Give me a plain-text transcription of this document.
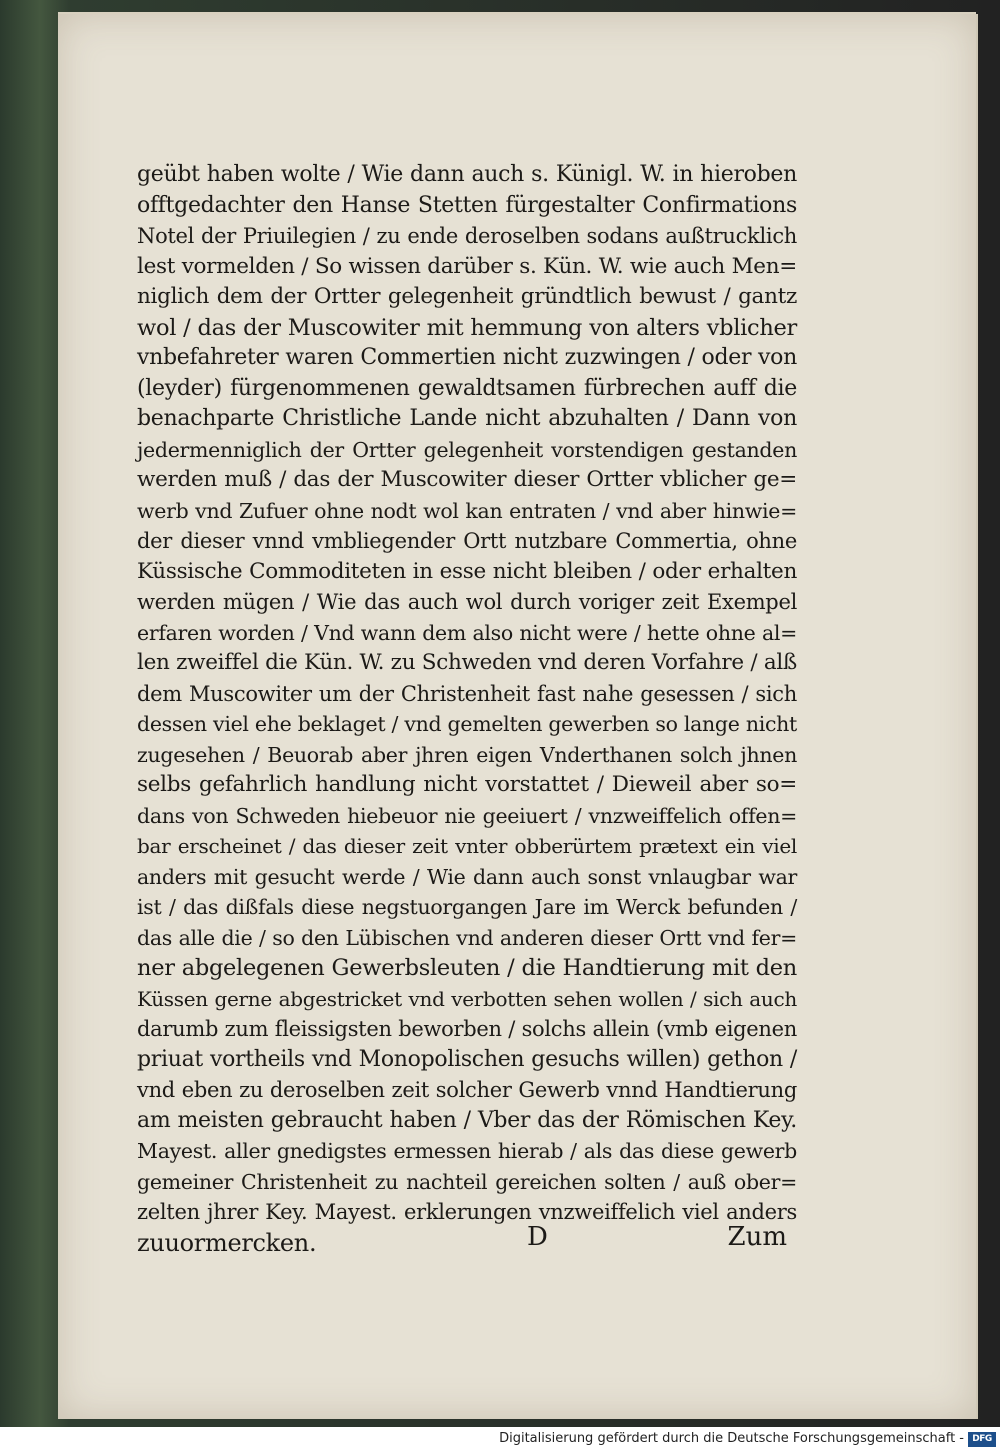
geübt haben wolte / Wie dann auch s. Künigl. W. in hieroben
offtgedachter den Hanse Stetten fürgestalter Confirmations
Notel der Priuilegien / zu ende deroselben sodans außtrucklich
lest vormelden / So wissen darüber s. Kün. W. wie auch Men=
niglich dem der Ortter gelegenheit gründtlich bewust / gantz
wol / das der Muscowiter mit hemmung von alters vblicher
vnbefahreter waren Commertien nicht zuzwingen / oder von
(leyder) fürgenommenen gewaldtsamen fürbrechen auff die
benachparte Christliche Lande nicht abzuhalten / Dann von
jedermenniglich der Ortter gelegenheit vorstendigen gestanden
werden muß / das der Muscowiter dieser Ortter vblicher ge=
werb vnd Zufuer ohne nodt wol kan entraten / vnd aber hinwie=
der dieser vnnd vmbliegender Ortt nutzbare Commertia, ohne
Küssische Commoditeten in esse nicht bleiben / oder erhalten
werden mügen / Wie das auch wol durch voriger zeit Exempel
erfaren worden / Vnd wann dem also nicht were / hette ohne al=
len zweiffel die Kün. W. zu Schweden vnd deren Vorfahre / alß
dem Muscowiter um der Christenheit fast nahe gesessen / sich
dessen viel ehe beklaget / vnd gemelten gewerben so lange nicht
zugesehen / Beuorab aber jhren eigen Vnderthanen solch jhnen
selbs gefahrlich handlung nicht vorstattet / Dieweil aber so=
dans von Schweden hiebeuor nie geeiuert / vnzweiffelich offen=
bar erscheinet / das dieser zeit vnter obberürtem prætext ein viel
anders mit gesucht werde / Wie dann auch sonst vnlaugbar war
ist / das dißfals diese negstuorgangen Jare im Werck befunden /
das alle die / so den Lübischen vnd anderen dieser Ortt vnd fer=
ner abgelegenen Gewerbsleuten / die Handtierung mit den
Küssen gerne abgestricket vnd verbotten sehen wollen / sich auch
darumb zum fleissigsten beworben / solchs allein (vmb eigenen
priuat vortheils vnd Monopolischen gesuchs willen) gethon /
vnd eben zu deroselben zeit solcher Gewerb vnnd Handtierung
am meisten gebraucht haben / Vber das der Römischen Key.
Mayest. aller gnedigstes ermessen hierab / als das diese gewerb
gemeiner Christenheit zu nachteil gereichen solten / auß ober=
zelten jhrer Key. Mayest. erklerungen vnzweiffelich viel anders
zuuormercken.	D	Zum
Digitalisierung gefördert durch die Deutsche Forschungsgemeinschaft - DFG
